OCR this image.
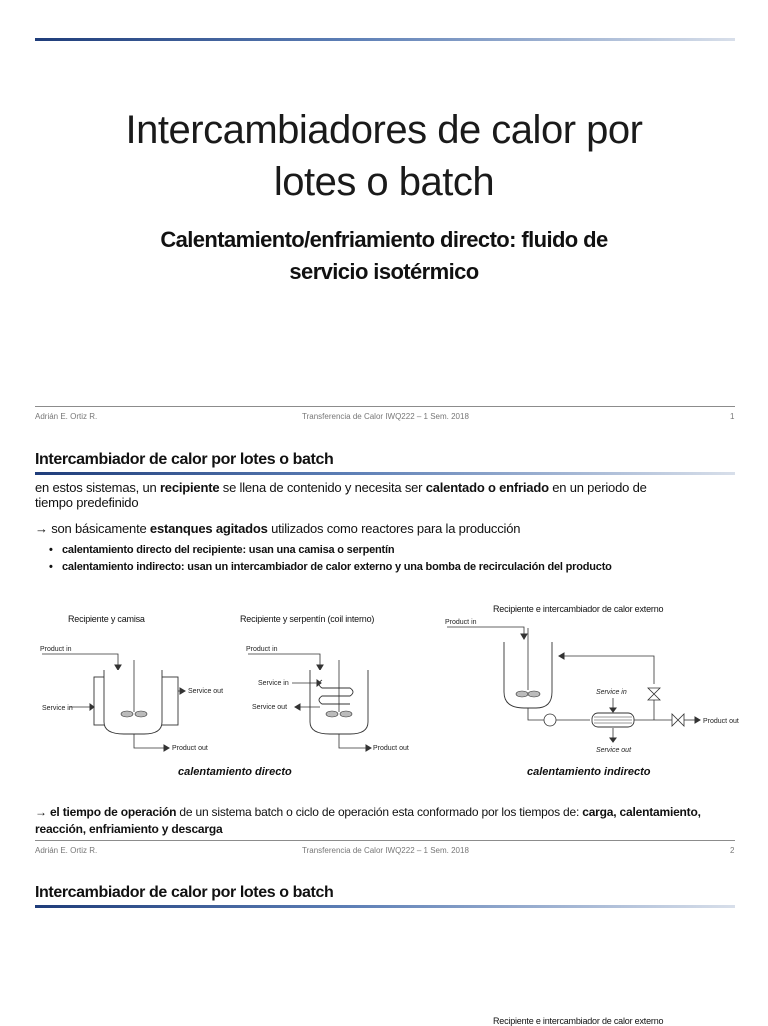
Intercambiadores de calor por
lotes o batch
Calentamiento/enfriamiento directo: fluido de
servicio isotérmico
Adrián E. Ortiz R.	Transferencia de Calor IWQ222 – 1 Sem. 2018	1
Intercambiador de calor por lotes o batch
en estos sistemas, un recipiente se llena de contenido y necesita ser calentado o enfriado en un periodo de
tiempo predefinido
→ son básicamente estanques agitados utilizados como reactores para la producción
• calentamiento directo del recipiente: usan una camisa o serpentín
• calentamiento indirecto: usan un intercambiador de calor externo y una bomba de recirculación del producto
Recipiente y camisa	Recipiente y serpentín (coil interno)
Recipiente e intercambiador de calor externo
Product in
Service in
Service out
Product out
Product in
Service in
Service out
Product out
Product in
Product out
Service in
Service out
calentamiento directo	calentamiento indirecto
→ el tiempo de operación de un sistema batch o ciclo de operación esta conformado por los tiempos de: carga, calentamiento,
reacción, enfriamiento y descarga
Adrián E. Ortiz R.	Transferencia de Calor IWQ222 – 1 Sem. 2018	2
Intercambiador de calor por lotes o batch
Recipiente e intercambiador de calor externo
